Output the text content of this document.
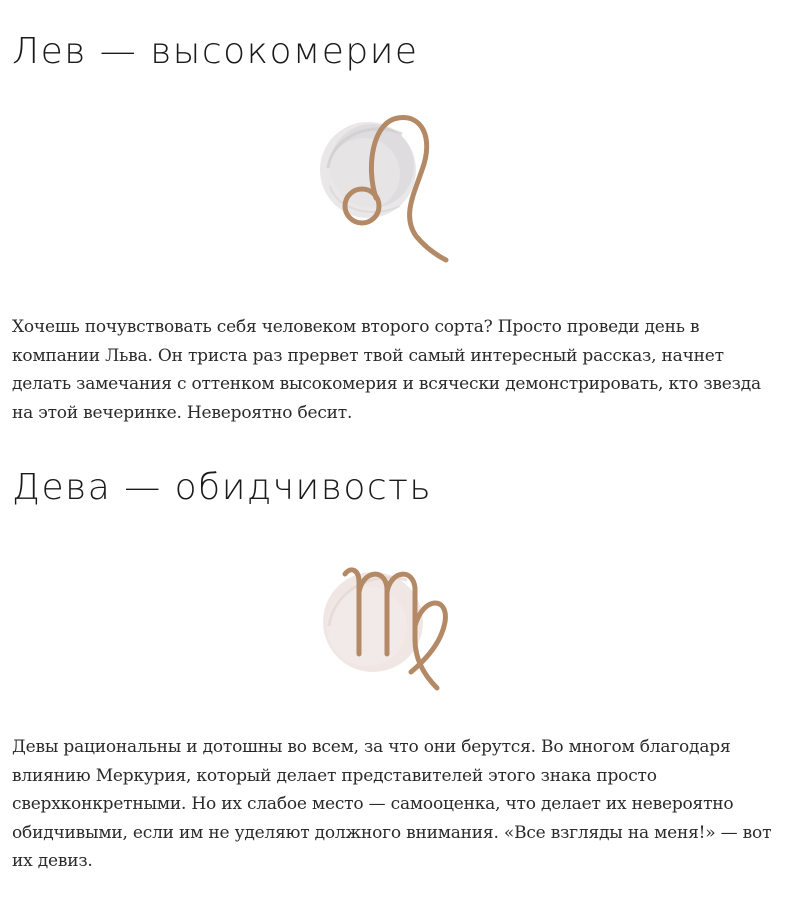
Лев — высокомерие

Хочешь почувствовать себя человеком второго сорта? Просто проведи день в компании Льва. Он триста раз прервет твой самый интересный рассказ, начнет делать замечания с оттенком высокомерия и всячески демонстрировать, кто звезда на этой вечеринке. Невероятно бесит.

Дева — обидчивость

Девы рациональны и дотошны во всем, за что они берутся. Во многом благодаря влиянию Меркурия, который делает представителей этого знака просто сверхконкретными. Но их слабое место — самооценка, что делает их невероятно обидчивыми, если им не уделяют должного внимания. «Все взгляды на меня!» — вот их девиз.
